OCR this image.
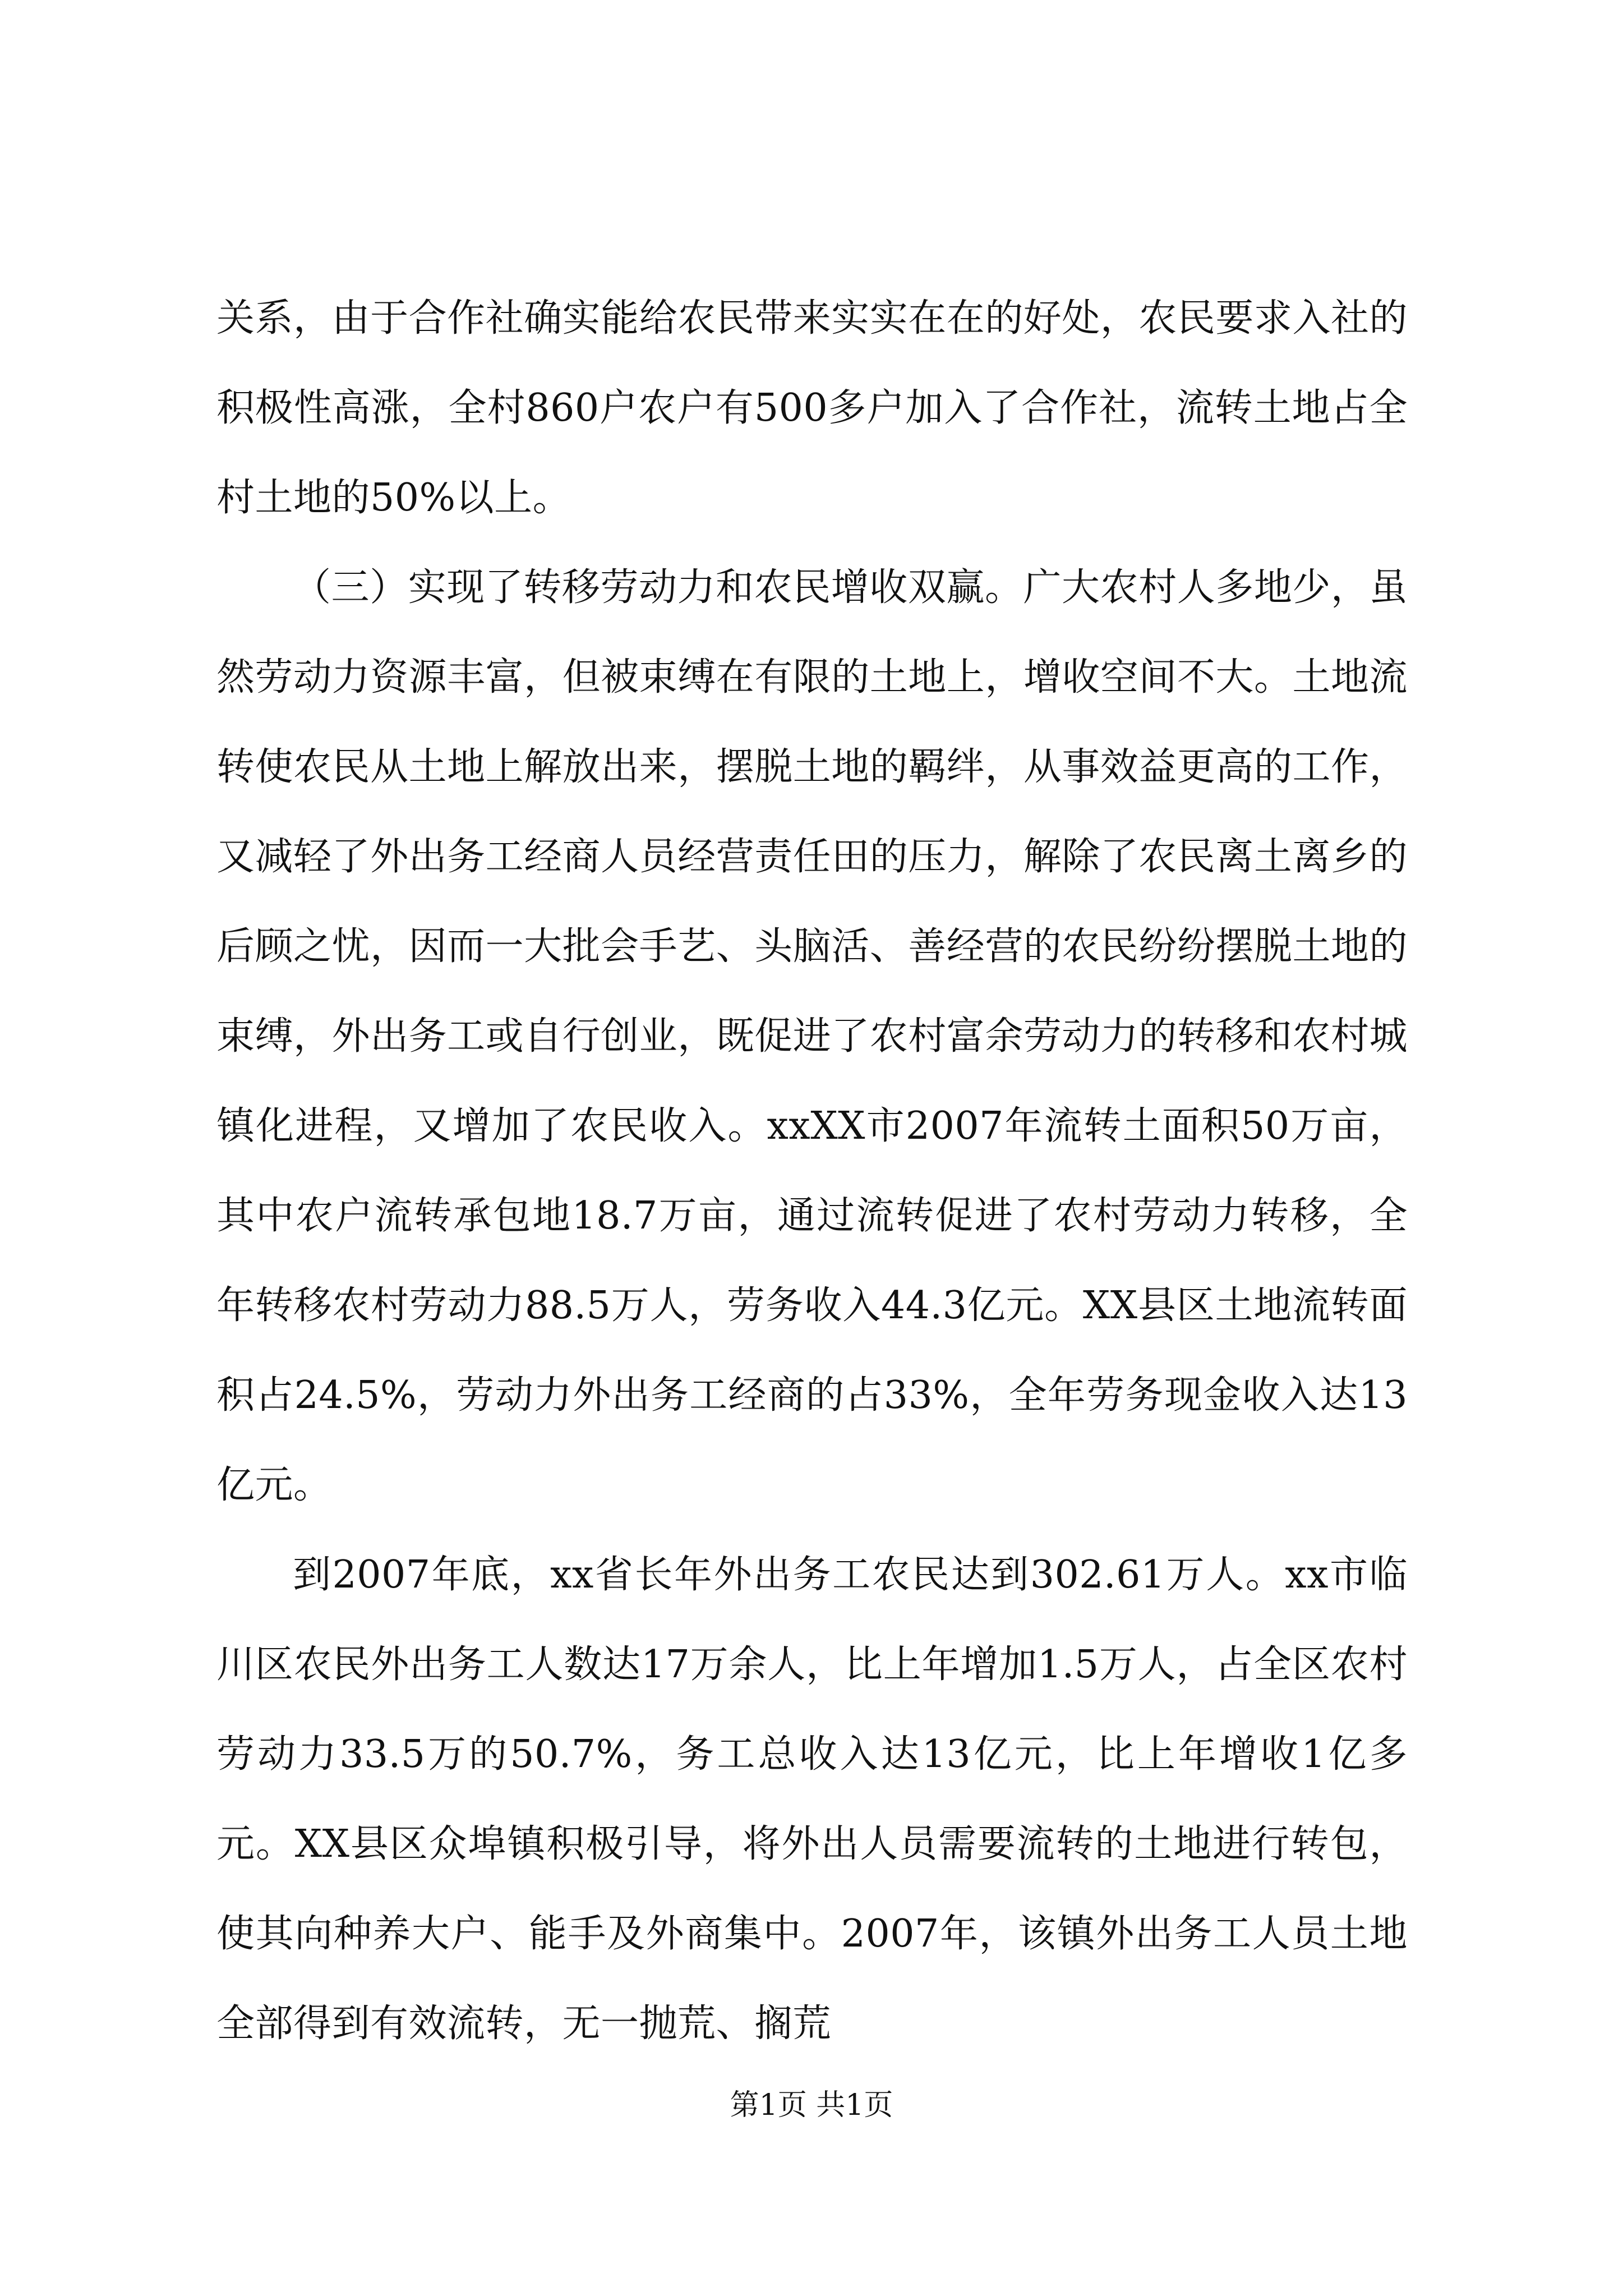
关系，由于合作社确实能给农民带来实实在在的好处，农民要求入社的积极性高涨，全村860户农户有500多户加入了合作社，流转土地占全村土地的50%以上。

（三）实现了转移劳动力和农民增收双赢。广大农村人多地少，虽然劳动力资源丰富，但被束缚在有限的土地上，增收空间不大。土地流转使农民从土地上解放出来，摆脱土地的羁绊，从事效益更高的工作，又减轻了外出务工经商人员经营责任田的压力，解除了农民离土离乡的后顾之忧，因而一大批会手艺、头脑活、善经营的农民纷纷摆脱土地的束缚，外出务工或自行创业，既促进了农村富余劳动力的转移和农村城镇化进程，又增加了农民收入。xxXX市2007年流转土面积50万亩，其中农户流转承包地18.7万亩，通过流转促进了农村劳动力转移，全年转移农村劳动力88.5万人，劳务收入44.3亿元。XX县区土地流转面积占24.5%，劳动力外出务工经商的占33%，全年劳务现金收入达13亿元。

到2007年底，xx省长年外出务工农民达到302.61万人。xx市临川区农民外出务工人数达17万余人，比上年增加1.5万人，占全区农村劳动力33.5万的50.7%，务工总收入达13亿元，比上年增收1亿多元。XX县区众埠镇积极引导，将外出人员需要流转的土地进行转包，使其向种养大户、能手及外商集中。2007年，该镇外出务工人员土地全部得到有效流转，无一抛荒、搁荒

第1页 共1页
